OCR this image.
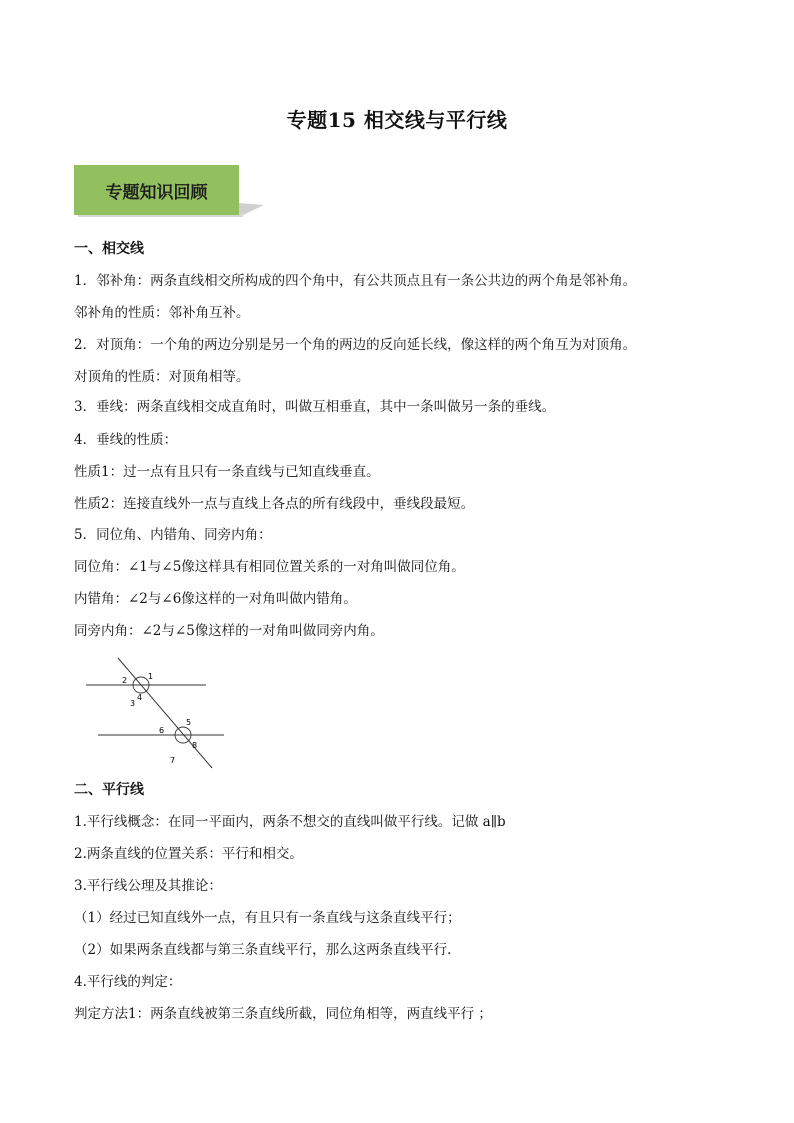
专题15 相交线与平行线
专题知识回顾
一、相交线
1．邻补角：两条直线相交所构成的四个角中，有公共顶点且有一条公共边的两个角是邻补角。
邻补角的性质：邻补角互补。
2．对顶角：一个角的两边分别是另一个角的两边的反向延长线，像这样的两个角互为对顶角。
对顶角的性质：对顶角相等。
3．垂线：两条直线相交成直角时，叫做互相垂直，其中一条叫做另一条的垂线。
4．垂线的性质：
性质1：过一点有且只有一条直线与已知直线垂直。
性质2：连接直线外一点与直线上各点的所有线段中，垂线段最短。
5．同位角、内错角、同旁内角：
同位角：∠1与∠5像这样具有相同位置关系的一对角叫做同位角。
内错角：∠2与∠6像这样的一对角叫做内错角。
同旁内角：∠2与∠5像这样的一对角叫做同旁内角。
1
2
3
4
5
6
7
8
二、平行线
1.平行线概念：在同一平面内，两条不想交的直线叫做平行线。记做 a∥b
2.两条直线的位置关系：平行和相交。
3.平行线公理及其推论：
（1）经过已知直线外一点，有且只有一条直线与这条直线平行；
（2）如果两条直线都与第三条直线平行，那么这两条直线平行.
4.平行线的判定：
判定方法1：两条直线被第三条直线所截，同位角相等，两直线平行 ；
